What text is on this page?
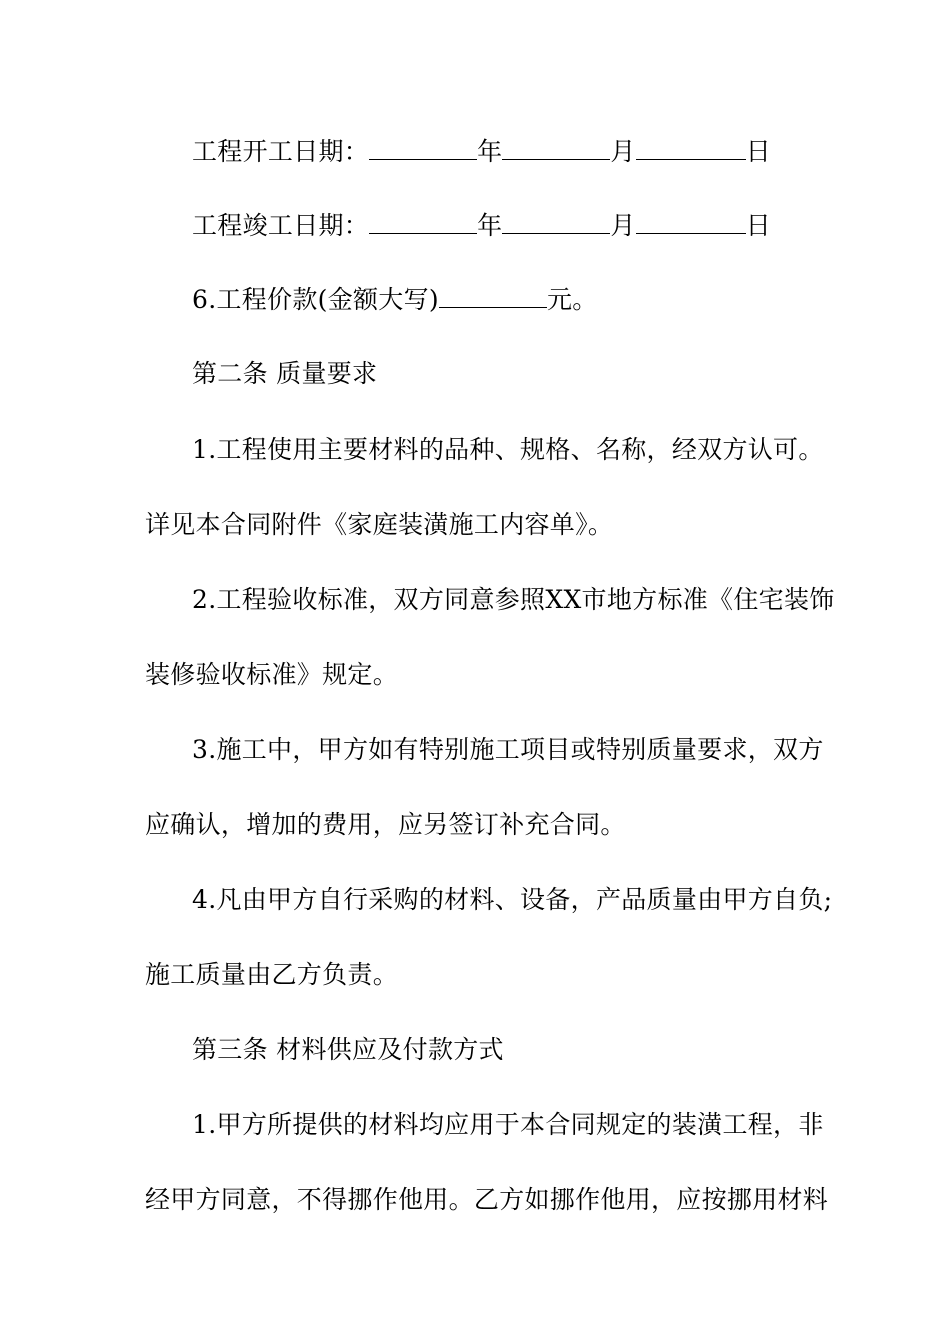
工程开工日期：	年	月	日
工程竣工日期：	年	月	日
6.工程价款(金额大写)	元。
第二条 质量要求
1.工程使用主要材料的品种、规格、名称，经双方认可。
详见本合同附件《家庭装潢施工内容单》。
2.工程验收标准，双方同意参照XX市地方标准《住宅装饰
装修验收标准》规定。
3.施工中，甲方如有特别施工项目或特别质量要求，双方
应确认，增加的费用，应另签订补充合同。
4.凡由甲方自行采购的材料、设备，产品质量由甲方自负;
施工质量由乙方负责。
第三条 材料供应及付款方式
1.甲方所提供的材料均应用于本合同规定的装潢工程，非
经甲方同意，不得挪作他用。乙方如挪作他用，应按挪用材料
